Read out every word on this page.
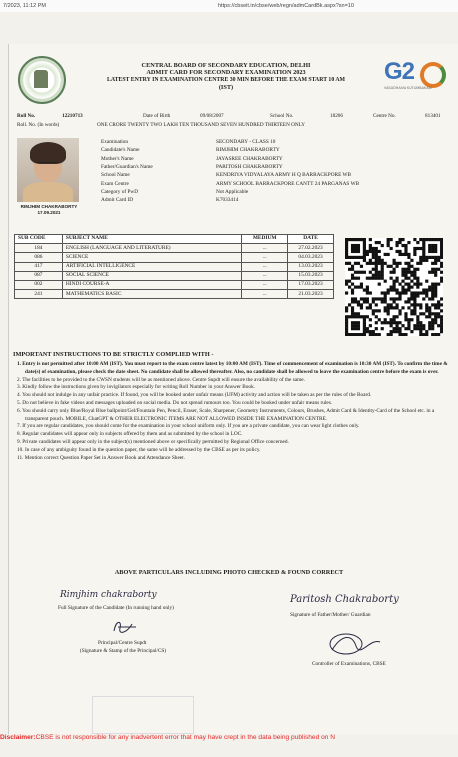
7/2023, 11:12 PM	https://cbseit.in/cbse/web/regn/admCardBk.aspx?sn=10
G2
VASUDHAIVA KUTUMBAKAM
CENTRAL BOARD OF SECONDARY EDUCATION, DELHI
ADMIT CARD FOR SECONDARY EXAMINATION 2023
LATEST ENTRY IN EXAMINATION CENTRE 30 MIN BEFORE THE EXAM START 10 AM
(IST)
Roll No.	12210713	Date of Birth	09/08/2007	School No.	18206	Centre No.	813401
Roll. No. (In words)	ONE CRORE TWENTY TWO LAKH TEN THOUSAND SEVEN HUNDRED THIRTEEN ONLY
RIMJHIM CHAKRABORTY
17.09.2021
Examination	SECONDARY - CLASS 10
Candidate's Name	RIMJHIM CHAKRABORTY
Mother's Name	JAYASREE CHAKRABORTY
Father/Guardian's Name	PARITOSH CHAKRABORTY
School Name	KENDRIYA VIDYALAYA ARMY H Q BARRACKPORE WB
Exam Centre	ARMY SCHOOL BARRACKPORE CANTT 24 PARGANAS WB
Category of PwD	Not Applicable
Admit Card ID	K7033414
SUB CODE	SUBJECT NAME	MEDIUM	DATE
184	ENGLISH (LANGUAGE AND LITERATURE)	...	27.02.2023
086	SCIENCE	...	04.03.2023
417	ARTIFICIAL INTELLIGENCE	...	13.03.2023
087	SOCIAL SCIENCE	...	15.03.2023
002	HINDI COURSE-A	...	17.03.2023
241	MATHEMATICS BASIC	...	21.03.2023
IMPORTANT INSTRUCTIONS TO BE STRICTLY COMPLIED WITH -

1. Entry is not permitted after 10:00 AM (IST). You must report to the exam centre latest by 10:00 AM (IST). Time of commencement of examination is 10:30 AM (IST). To confirm the time & date(s) of examination, please check the date sheet. No candidate shall be allowed thereafter. Also, no candidate shall be allowed to leave the examination centre before the exam is over.

2. The facilities to be provided to the CWSN students will be as mentioned above. Centre Supdt will ensure the availability of the same.

3. Kindly follow the instructions given by invigilators especially for writing Roll Number in your Answer Book.

4. You should not indulge in any unfair practice. If found, you will be booked under unfair means (UFM) activity and action will be taken as per the rules of the Board.

5. Do not believe in fake videos and messages uploaded on social media. Do not spread rumours too. You could be booked under unfair means rules.

6. You should carry only Blue/Royal Blue ballpoint/Gel/Fountain Pen, Pencil, Eraser, Scale, Sharpener, Geometry Instruments, Colours, Brushes, Admit Card & Identity-Card of the School etc. in a transparent pouch. MOBILE, ChatGPT & OTHER ELECTRONIC ITEMS ARE NOT ALLOWED INSIDE THE EXAMINATION CENTRE.

7. If you are regular candidates, you should come for the examination in your school uniform only. If you are a private candidate, you can wear light clothes only.

8. Regular candidates will appear only in subjects offered by them and as submitted by the school in LOC.

9. Private candidates will appear only in the subject(s) mentioned above or specifically permitted by Regional Office concerned.

10. In case of any ambiguity found in the question paper, the same will be addressed by the CBSE as per its policy.

11. Mention correct Question Paper Set in Answer Book and Attendance Sheet.

ABOVE PARTICULARS INCLUDING PHOTO CHECKED & FOUND CORRECT
Rimjhim chakraborty
Full Signature of the Candidate (In running hand only)
Paritosh Chakraborty
Signature of Father/Mother/ Guardian
Principal/Centre Supdt
(Signature & Stamp of the Principal/CS)
Controller of Examinations, CBSE
Disclaimer:CBSE is not responsible for any inadvertent error that may have crept in the data being published on N
